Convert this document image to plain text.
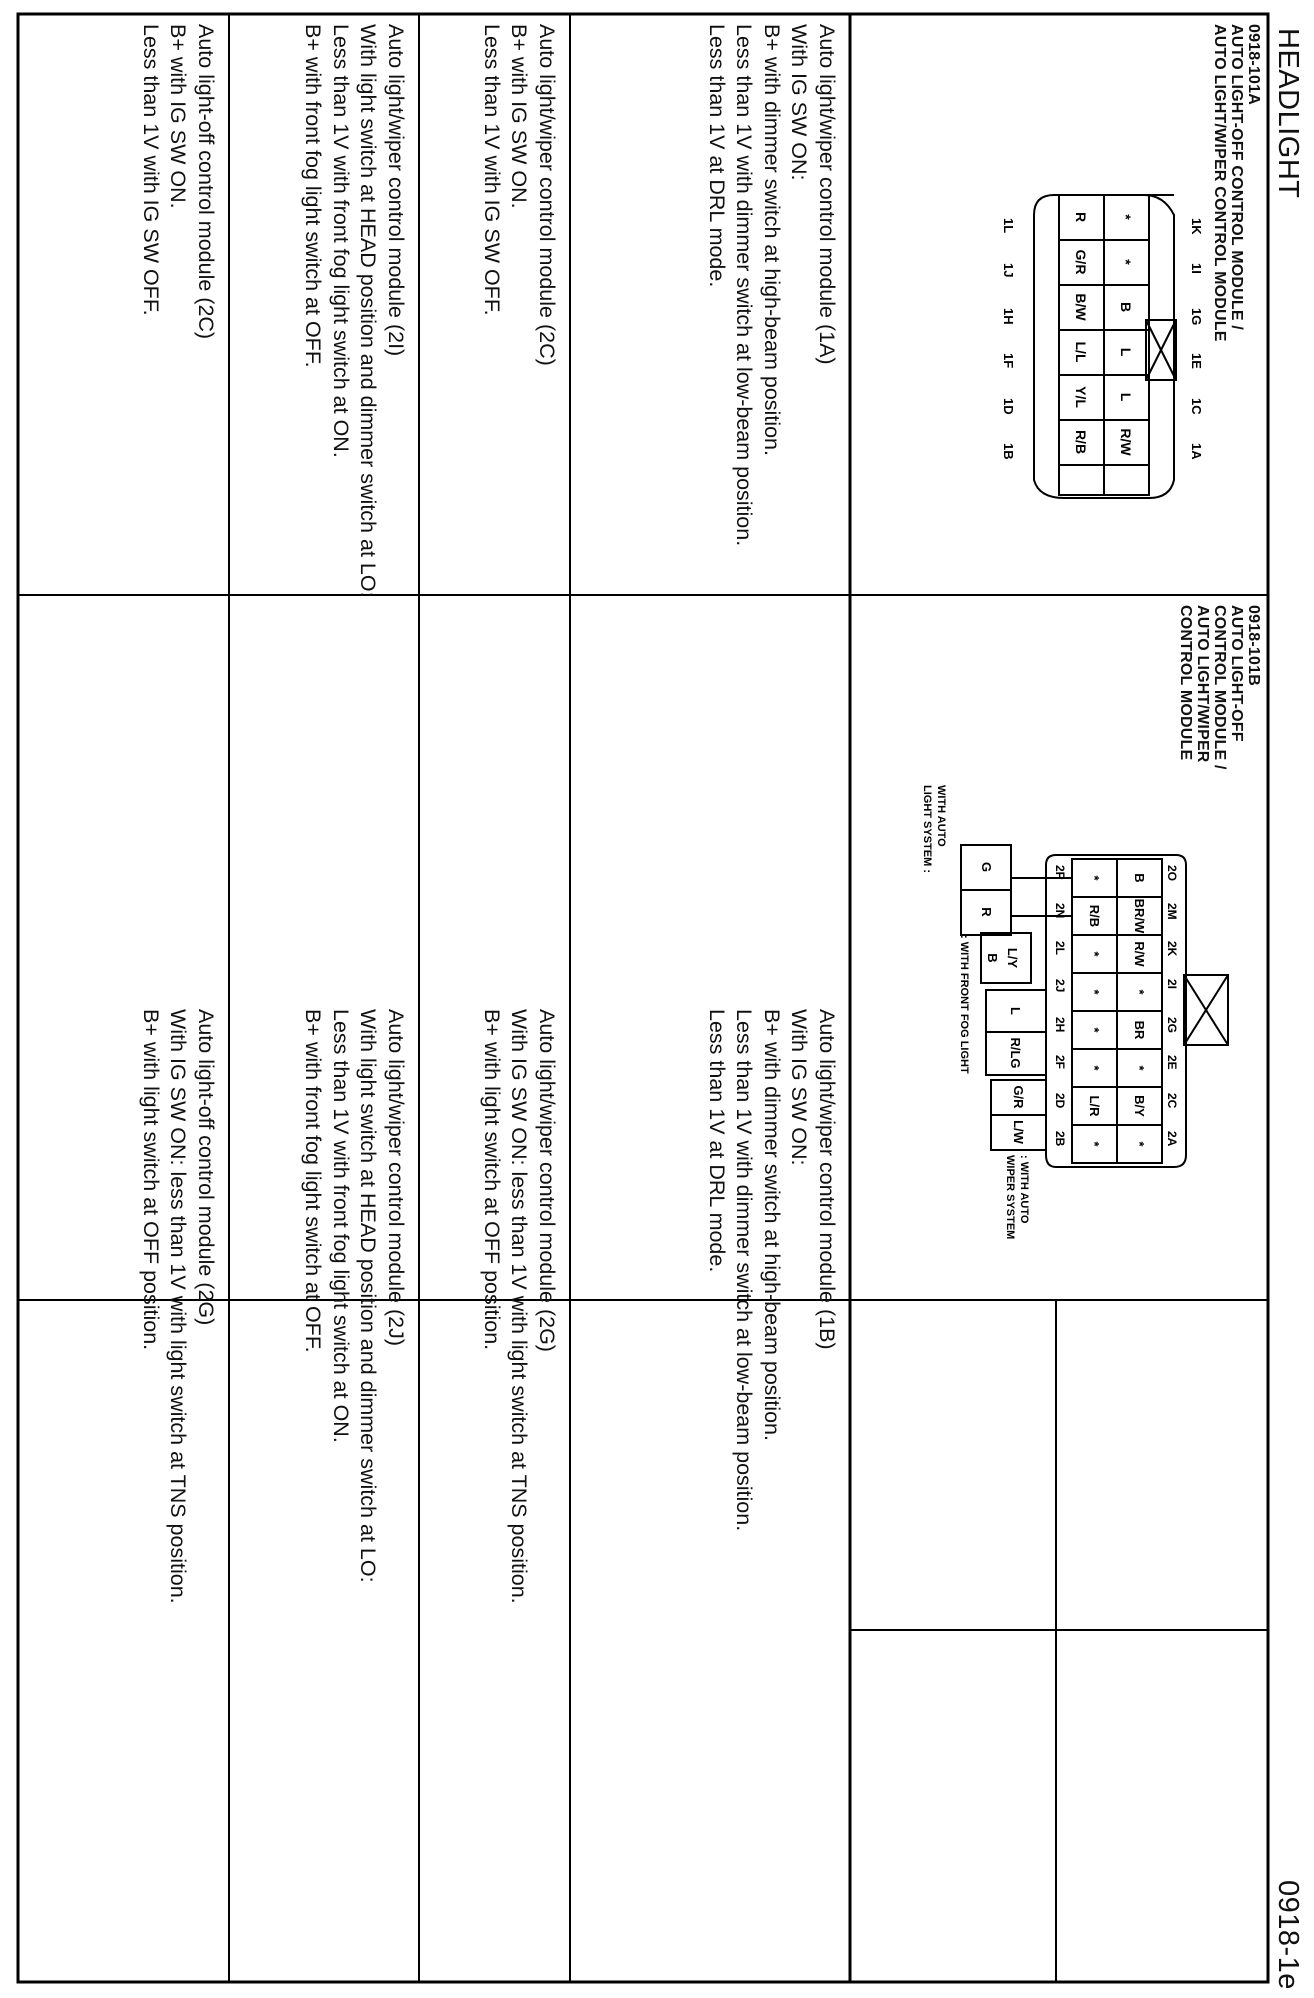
HEADLIGHT
0918-1e
0918-101A
AUTO LIGHT-OFF CONTROL MODULE /
AUTO LIGHT/WIPER CONTROL MODULE
1K
1I
1G
1E
1C
1A
*
*
B
L
L
R/W
R
G/R
B/W
L/L
Y/L
R/B
1L
1J
1H
1F
1D
1B
0918-101B
AUTO LIGHT-OFF
CONTROL MODULE /
AUTO LIGHT/WIPER
CONTROL MODULE
2O
2M
2K
2I
2G
2E
2C
2A
B
BR/W
R/W
*
BR
*
B/Y
*
*
R/B
*
*
*
*
L/R
*
G
R
L/Y
B
L
R/LG
G/R
L/W
2P
2N
2L
2J
2H
2F
2D
2B
WITH AUTO
LIGHT SYSTEM :
: WITH FRONT FOG LIGHT
: WITH AUTO
WIPER SYSTEM
Auto light/wiper control module (1A)
With IG SW ON:
B+ with dimmer switch at high-beam position.
Less than 1V with dimmer switch at low-beam position.
Less than 1V at DRL mode.
Auto light/wiper control module (1B)
With IG SW ON:
B+ with dimmer switch at high-beam position.
Less than 1V with dimmer switch at low-beam position.
Less than 1V at DRL mode.
Auto light/wiper control module (2C)
B+ with IG SW ON.
Less than 1V with IG SW OFF.
Auto light/wiper control module (2G)
With IG SW ON: less than 1V with light switch at TNS position.
B+ with light switch at OFF position.
Auto light/wiper control module (2I)
With light switch at HEAD position and dimmer switch at LO:
Less than 1V with front fog light switch at ON.
B+ with front fog light switch at OFF.
Auto light/wiper control module (2J)
With light switch at HEAD position and dimmer switch at LO:
Less than 1V with front fog light switch at ON.
B+ with front fog light switch at OFF.
Auto light-off control module (2C)
B+ with IG SW ON.
Less than 1V with IG SW OFF.
Auto light-off control module (2G)
With IG SW ON: less than 1V with light switch at TNS position.
B+ with light switch at OFF position.
